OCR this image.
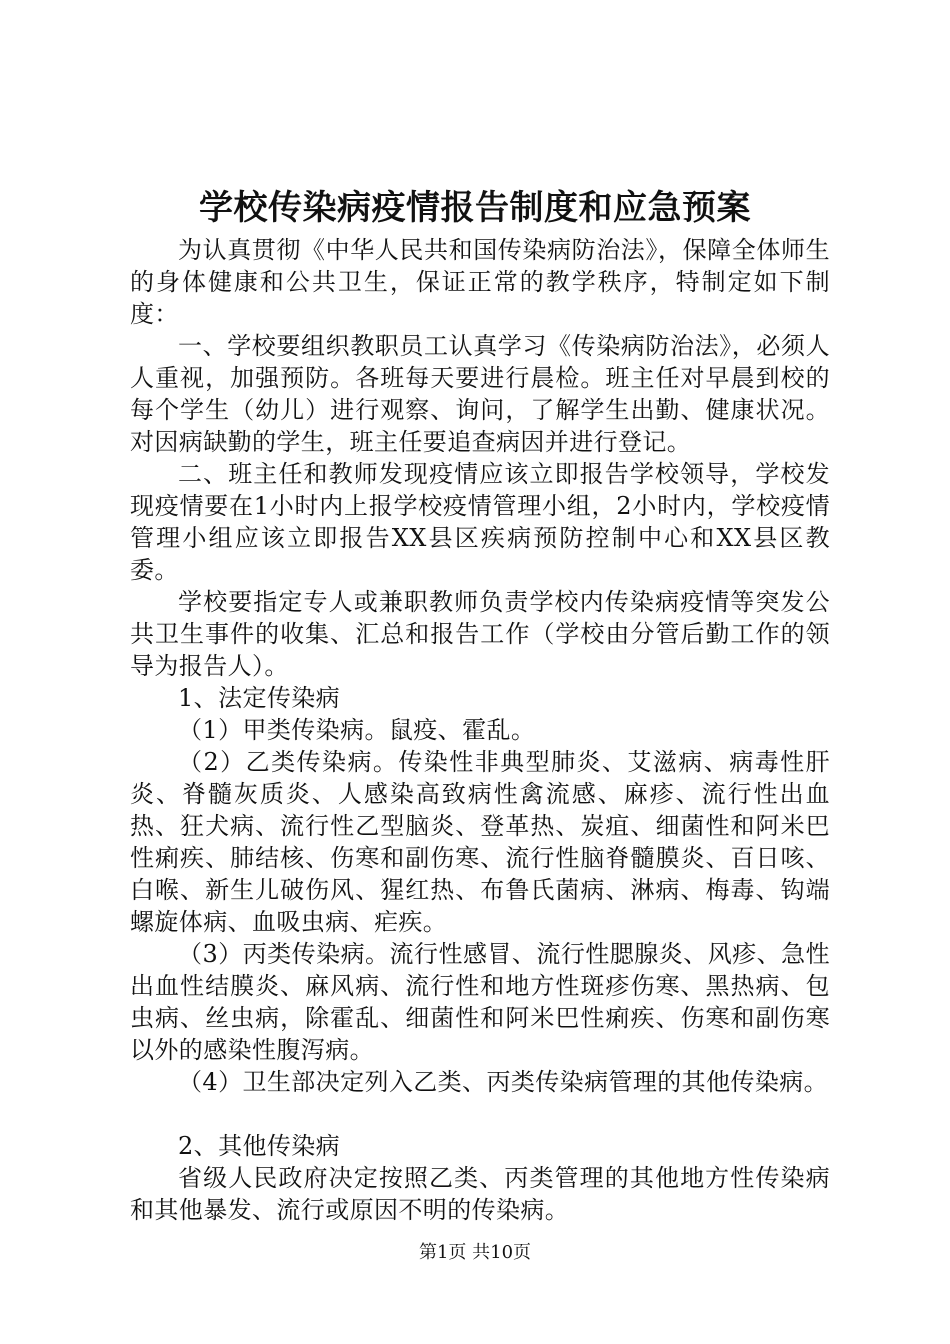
学校传染病疫情报告制度和应急预案

为认真贯彻《中华人民共和国传染病防治法》，保障全体师生的身体健康和公共卫生，保证正常的教学秩序，特制定如下制度：

一、学校要组织教职员工认真学习《传染病防治法》，必须人人重视，加强预防。各班每天要进行晨检。班主任对早晨到校的每个学生（幼儿）进行观察、询问，了解学生出勤、健康状况。对因病缺勤的学生，班主任要追查病因并进行登记。

二、班主任和教师发现疫情应该立即报告学校领导，学校发现疫情要在1小时内上报学校疫情管理小组，2小时内，学校疫情管理小组应该立即报告XX县区疾病预防控制中心和XX县区教委。

学校要指定专人或兼职教师负责学校内传染病疫情等突发公共卫生事件的收集、汇总和报告工作（学校由分管后勤工作的领导为报告人）。

1、法定传染病

（1）甲类传染病。鼠疫、霍乱。

（2）乙类传染病。传染性非典型肺炎、艾滋病、病毒性肝炎、脊髓灰质炎、人感染高致病性禽流感、麻疹、流行性出血热、狂犬病、流行性乙型脑炎、登革热、炭疽、细菌性和阿米巴性痢疾、肺结核、伤寒和副伤寒、流行性脑脊髓膜炎、百日咳、白喉、新生儿破伤风、猩红热、布鲁氏菌病、淋病、梅毒、钩端螺旋体病、血吸虫病、疟疾。

（3）丙类传染病。流行性感冒、流行性腮腺炎、风疹、急性出血性结膜炎、麻风病、流行性和地方性斑疹伤寒、黑热病、包虫病、丝虫病，除霍乱、细菌性和阿米巴性痢疾、伤寒和副伤寒以外的感染性腹泻病。

（4）卫生部决定列入乙类、丙类传染病管理的其他传染病。

2、其他传染病

省级人民政府决定按照乙类、丙类管理的其他地方性传染病和其他暴发、流行或原因不明的传染病。

第1页 共10页
